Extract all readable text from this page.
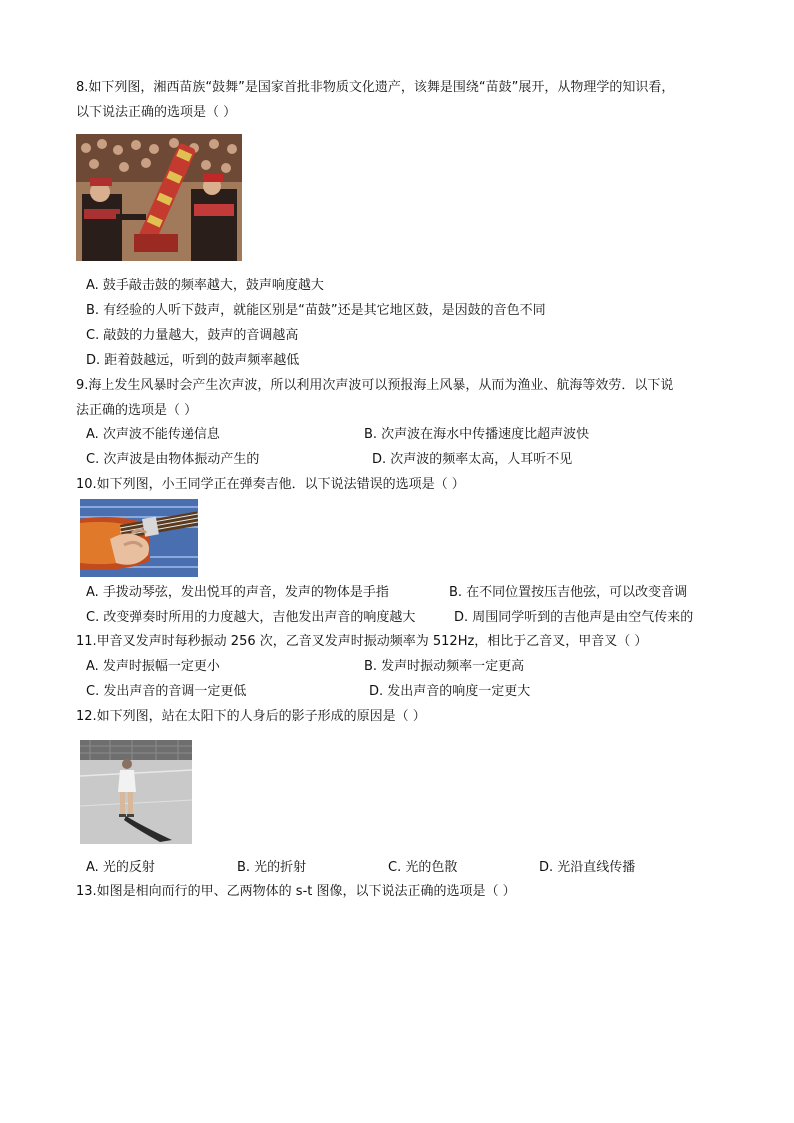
8.如下列图，湘西苗族“鼓舞”是国家首批非物质文化遗产，该舞是围绕“苗鼓”展开，从物理学的知识看，
以下说法正确的选项是（ ）
A. 鼓手敲击鼓的频率越大，鼓声响度越大
B. 有经验的人听下鼓声，就能区别是“苗鼓”还是其它地区鼓，是因鼓的音色不同
C. 敲鼓的力量越大，鼓声的音调越高
D. 距着鼓越远，听到的鼓声频率越低
9.海上发生风暴时会产生次声波，所以利用次声波可以预报海上风暴，从而为渔业、航海等效劳．以下说
法正确的选项是（ ）
A. 次声波不能传递信息	B. 次声波在海水中传播速度比超声波快
C. 次声波是由物体振动产生的	D. 次声波的频率太高，人耳听不见
10.如下列图，小王同学正在弹奏吉他．以下说法错误的选项是（ ）
A. 手拨动琴弦，发出悦耳的声音，发声的物体是手指	B. 在不同位置按压吉他弦，可以改变音调
C. 改变弹奏时所用的力度越大，吉他发出声音的响度越大	D. 周围同学听到的吉他声是由空气传来的
11.甲音叉发声时每秒振动 256 次，乙音叉发声时振动频率为 512Hz，相比于乙音叉，甲音叉（ ）
A. 发声时振幅一定更小	B. 发声时振动频率一定更高
C. 发出声音的音调一定更低	D. 发出声音的响度一定更大
12.如下列图，站在太阳下的人身后的影子形成的原因是（ ）
A. 光的反射	B. 光的折射	C. 光的色散	D. 光沿直线传播
13.如图是相向而行的甲、乙两物体的 s-t 图像，以下说法正确的选项是（ ）
